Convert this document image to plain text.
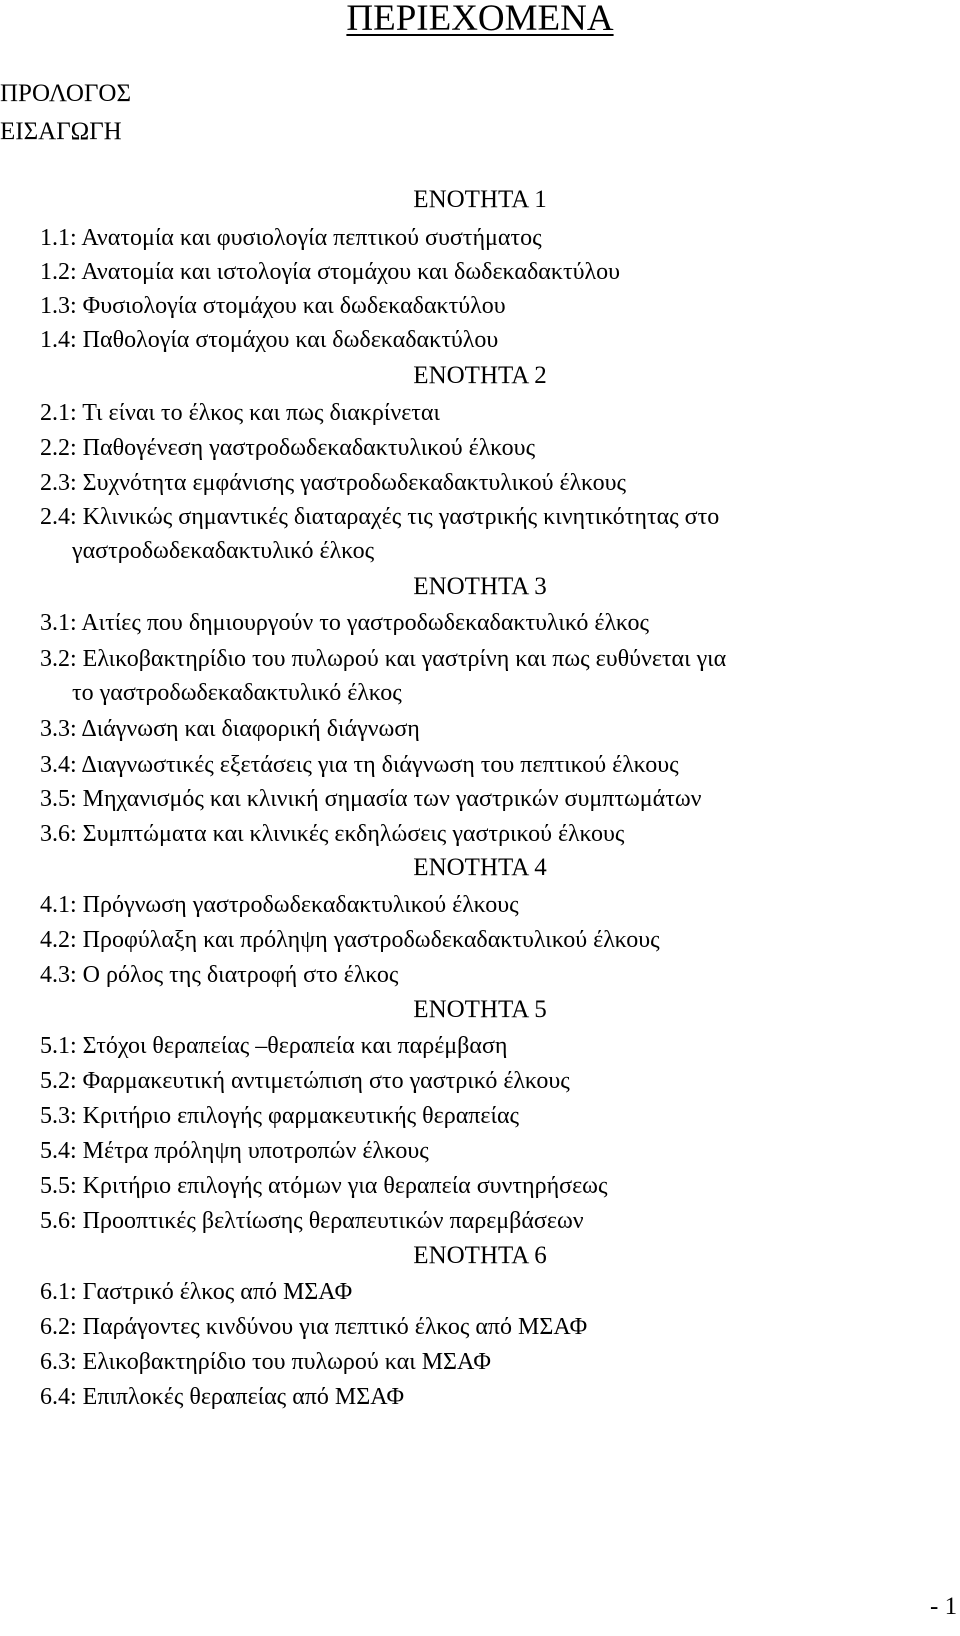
ΠΕΡΙΕΧΟΜΕΝΑ
ΠΡΟΛΟΓΟΣ
ΕΙΣΑΓΩΓΗ
ΕΝΟΤΗΤΑ 1
1.1: Ανατομία και φυσιολογία πεπτικού συστήματος
1.2: Ανατομία και ιστολογία στομάχου και δωδεκαδακτύλου
1.3: Φυσιολογία στομάχου και δωδεκαδακτύλου
1.4: Παθολογία στομάχου και δωδεκαδακτύλου
ΕΝΟΤΗΤΑ 2
2.1: Τι είναι το έλκος και πως διακρίνεται
2.2: Παθογένεση γαστροδωδεκαδακτυλικού έλκους
2.3: Συχνότητα εμφάνισης γαστροδωδεκαδακτυλικού έλκους
2.4: Κλινικώς σημαντικές διαταραχές τις γαστρικής κινητικότητας στο
γαστροδωδεκαδακτυλικό έλκος
ΕΝΟΤΗΤΑ 3
3.1: Αιτίες που δημιουργούν το γαστροδωδεκαδακτυλικό έλκος
3.2: Ελικοβακτηρίδιο του πυλωρού και γαστρίνη και πως ευθύνεται για
το γαστροδωδεκαδακτυλικό έλκος
3.3: Διάγνωση και διαφορική διάγνωση
3.4: Διαγνωστικές εξετάσεις για τη διάγνωση του πεπτικού έλκους
3.5: Μηχανισμός και κλινική σημασία των γαστρικών συμπτωμάτων
3.6: Συμπτώματα και κλινικές εκδηλώσεις γαστρικού έλκους
ΕΝΟΤΗΤΑ 4
4.1: Πρόγνωση γαστροδωδεκαδακτυλικού έλκους
4.2: Προφύλαξη και πρόληψη γαστροδωδεκαδακτυλικού έλκους
4.3: Ο ρόλος της διατροφή στο έλκος
ΕΝΟΤΗΤΑ 5
5.1: Στόχοι θεραπείας –θεραπεία και παρέμβαση
5.2: Φαρμακευτική αντιμετώπιση στο γαστρικό έλκους
5.3: Κριτήριο επιλογής φαρμακευτικής θεραπείας
5.4: Μέτρα πρόληψη υποτροπών έλκους
5.5: Κριτήριο επιλογής ατόμων για θεραπεία συντηρήσεως
5.6: Προοπτικές βελτίωσης θεραπευτικών παρεμβάσεων
ΕΝΟΤΗΤΑ 6
6.1: Γαστρικό έλκος από ΜΣΑΦ
6.2: Παράγοντες κινδύνου για πεπτικό έλκος από ΜΣΑΦ
6.3: Ελικοβακτηρίδιο του πυλωρού και ΜΣΑΦ
6.4: Επιπλοκές θεραπείας από ΜΣΑΦ
- 1
